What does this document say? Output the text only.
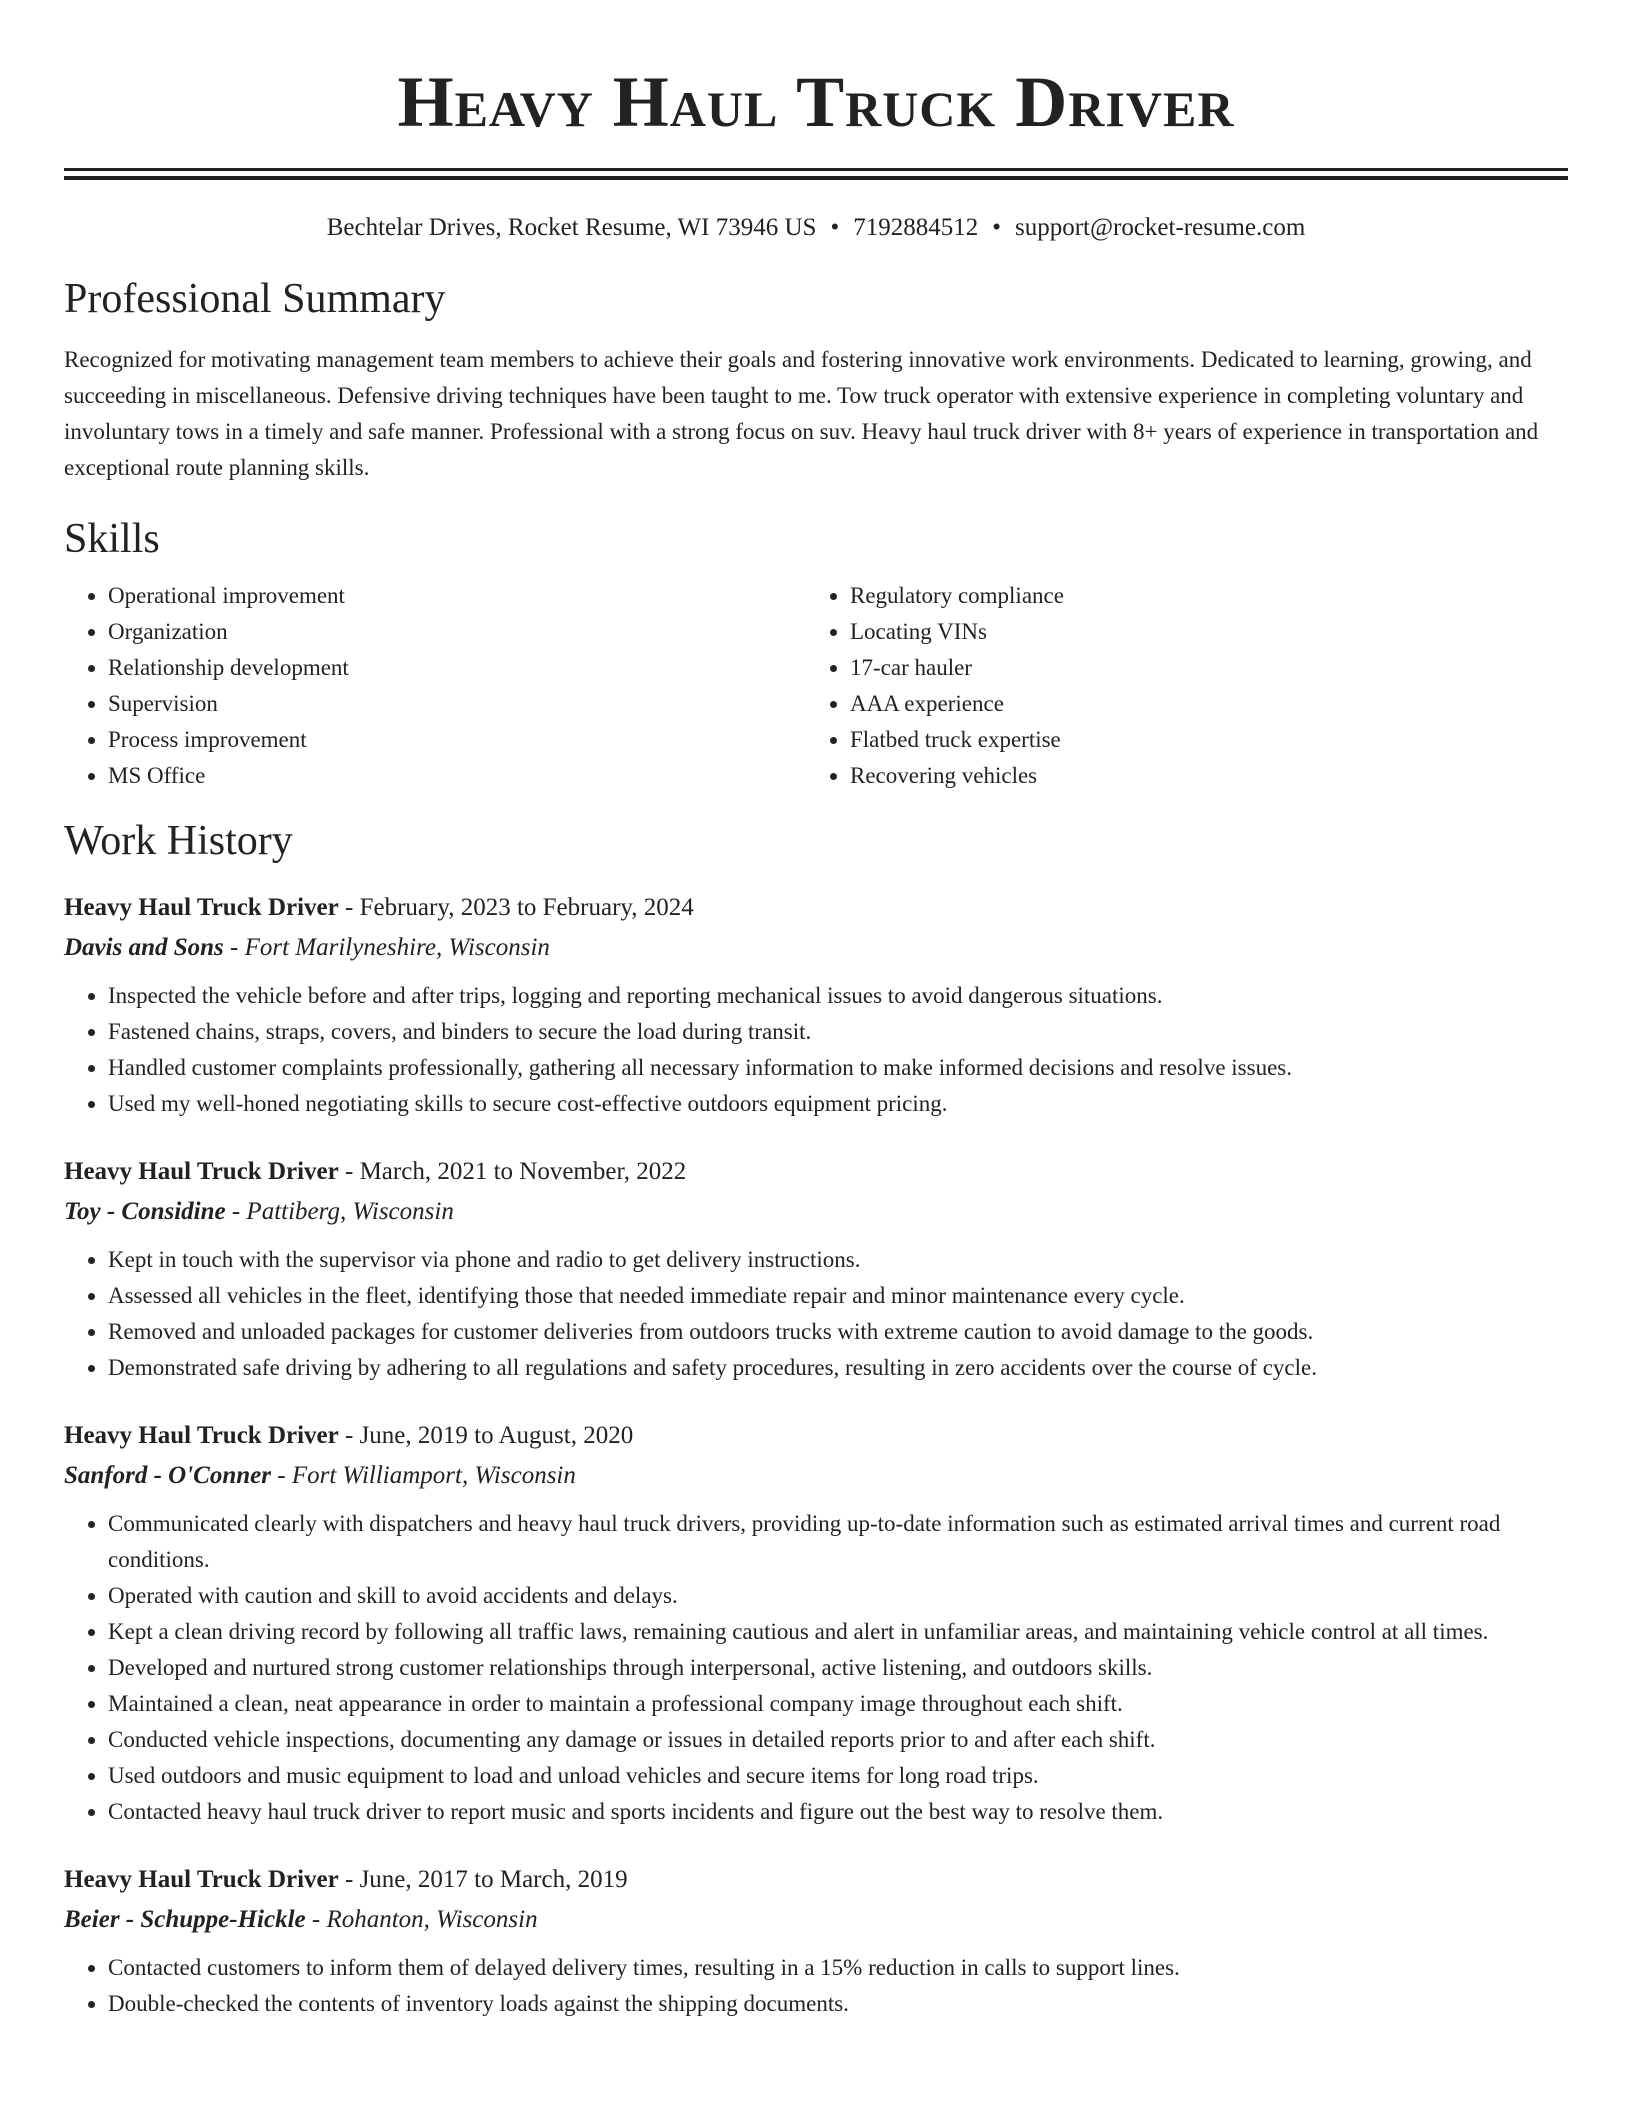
Heavy Haul Truck Driver
Bechtelar Drives, Rocket Resume, WI 73946 US • 7192884512 • support@rocket-resume.com
Professional Summary
Recognized for motivating management team members to achieve their goals and fostering innovative work environments. Dedicated to learning, growing, and succeeding in miscellaneous. Defensive driving techniques have been taught to me. Tow truck operator with extensive experience in completing voluntary and involuntary tows in a timely and safe manner. Professional with a strong focus on suv. Heavy haul truck driver with 8+ years of experience in transportation and exceptional route planning skills.
Skills
• Operational improvement
• Organization
• Relationship development
• Supervision
• Process improvement
• MS Office
• Regulatory compliance
• Locating VINs
• 17-car hauler
• AAA experience
• Flatbed truck expertise
• Recovering vehicles
Work History
Heavy Haul Truck Driver - February, 2023 to February, 2024
Davis and Sons - Fort Marilyneshire, Wisconsin
• Inspected the vehicle before and after trips, logging and reporting mechanical issues to avoid dangerous situations.
• Fastened chains, straps, covers, and binders to secure the load during transit.
• Handled customer complaints professionally, gathering all necessary information to make informed decisions and resolve issues.
• Used my well-honed negotiating skills to secure cost-effective outdoors equipment pricing.
Heavy Haul Truck Driver - March, 2021 to November, 2022
Toy - Considine - Pattiberg, Wisconsin
• Kept in touch with the supervisor via phone and radio to get delivery instructions.
• Assessed all vehicles in the fleet, identifying those that needed immediate repair and minor maintenance every cycle.
• Removed and unloaded packages for customer deliveries from outdoors trucks with extreme caution to avoid damage to the goods.
• Demonstrated safe driving by adhering to all regulations and safety procedures, resulting in zero accidents over the course of cycle.
Heavy Haul Truck Driver - June, 2019 to August, 2020
Sanford - O'Conner - Fort Williamport, Wisconsin
• Communicated clearly with dispatchers and heavy haul truck drivers, providing up-to-date information such as estimated arrival times and current road conditions.
• Operated with caution and skill to avoid accidents and delays.
• Kept a clean driving record by following all traffic laws, remaining cautious and alert in unfamiliar areas, and maintaining vehicle control at all times.
• Developed and nurtured strong customer relationships through interpersonal, active listening, and outdoors skills.
• Maintained a clean, neat appearance in order to maintain a professional company image throughout each shift.
• Conducted vehicle inspections, documenting any damage or issues in detailed reports prior to and after each shift.
• Used outdoors and music equipment to load and unload vehicles and secure items for long road trips.
• Contacted heavy haul truck driver to report music and sports incidents and figure out the best way to resolve them.
Heavy Haul Truck Driver - June, 2017 to March, 2019
Beier - Schuppe-Hickle - Rohanton, Wisconsin
• Contacted customers to inform them of delayed delivery times, resulting in a 15% reduction in calls to support lines.
• Double-checked the contents of inventory loads against the shipping documents.
